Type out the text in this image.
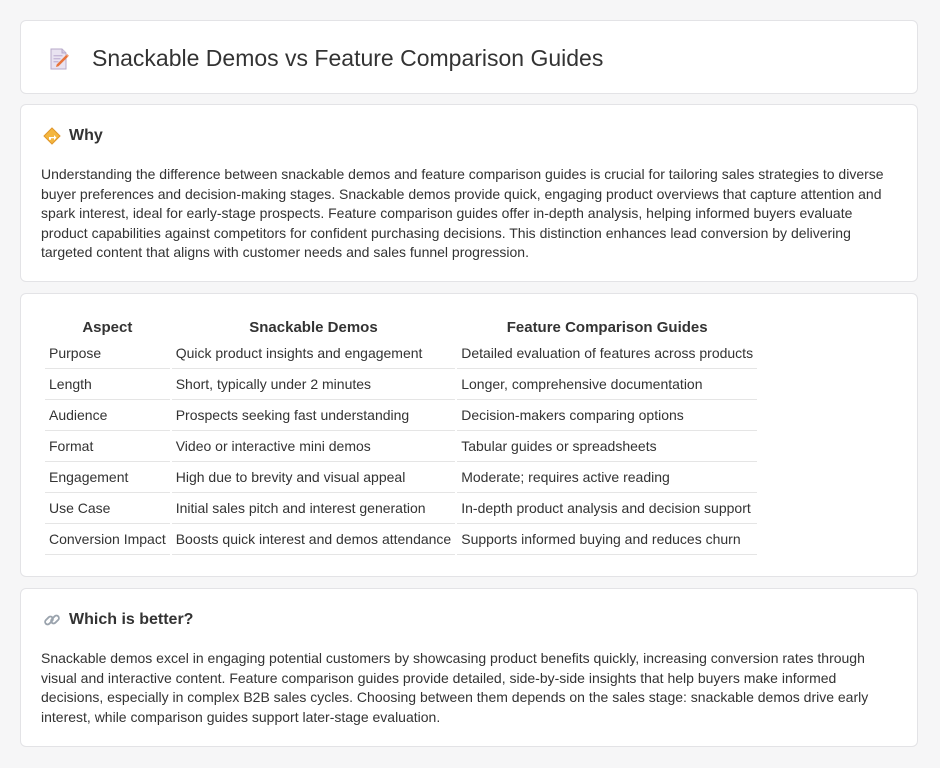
Snackable Demos vs Feature Comparison Guides
Why

Understanding the difference between snackable demos and feature comparison guides is crucial for tailoring sales strategies to diverse buyer preferences and decision-making stages. Snackable demos provide quick, engaging product overviews that capture attention and spark interest, ideal for early-stage prospects. Feature comparison guides offer in-depth analysis, helping informed buyers evaluate product capabilities against competitors for confident purchasing decisions. This distinction enhances lead conversion by delivering targeted content that aligns with customer needs and sales funnel progression.

Aspect	Snackable Demos	Feature Comparison Guides
Purpose	Quick product insights and engagement	Detailed evaluation of features across products
Length	Short, typically under 2 minutes	Longer, comprehensive documentation
Audience	Prospects seeking fast understanding	Decision-makers comparing options
Format	Video or interactive mini demos	Tabular guides or spreadsheets
Engagement	High due to brevity and visual appeal	Moderate; requires active reading
Use Case	Initial sales pitch and interest generation	In-depth product analysis and decision support
Conversion Impact	Boosts quick interest and demos attendance	Supports informed buying and reduces churn
Which is better?

Snackable demos excel in engaging potential customers by showcasing product benefits quickly, increasing conversion rates through visual and interactive content. Feature comparison guides provide detailed, side-by-side insights that help buyers make informed decisions, especially in complex B2B sales cycles. Choosing between them depends on the sales stage: snackable demos drive early interest, while comparison guides support later-stage evaluation.
